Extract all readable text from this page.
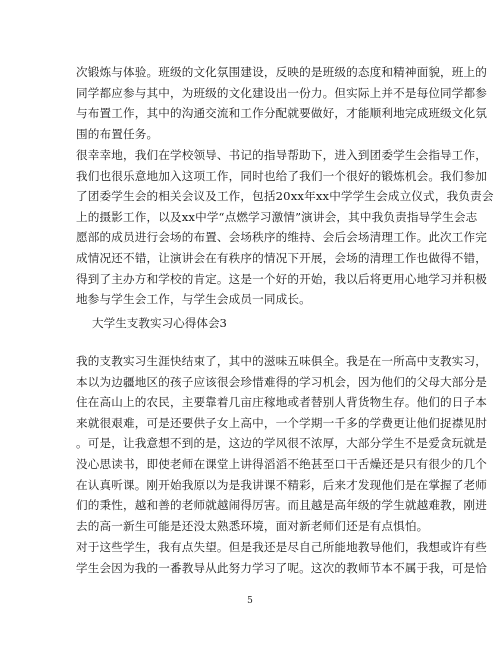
次锻炼与体验。班级的文化氛围建设，反映的是班级的态度和精神面貌，班上的
同学都应参与其中，为班级的文化建设出一份力。但实际上并不是每位同学都参
与布置工作，其中的沟通交流和工作分配就要做好，才能顺利地完成班级文化氛
围的布置任务。

很幸幸地，我们在学校领导、书记的指导帮助下，进入到团委学生会指导工作，
我们也很乐意地加入这项工作，同时也给了我们一个很好的锻炼机会。我们参加
了团委学生会的相关会议及工作，包括20xx年xx中学学生会成立仪式，我负责会
上的摄影工作，以及xx中学“点燃学习激情”演讲会，其中我负责指导学生会志
愿部的成员进行会场的布置、会场秩序的维持、会后会场清理工作。此次工作完
成情况还不错，让演讲会在有秩序的情况下开展，会场的清理工作也做得不错，
得到了主办方和学校的肯定。这是一个好的开始，我以后将更用心地学习并积极
地参与学生会工作，与学生会成员一同成长。

大学生支教实习心得体会3

我的支教实习生涯快结束了，其中的滋味五味俱全。我是在一所高中支教实习，
本以为边疆地区的孩子应该很会珍惜难得的学习机会，因为他们的父母大部分是
住在高山上的农民，主要靠着几亩庄稼地或者替别人背货物生存。他们的日子本
来就很艰难，可是还要供子女上高中，一个学期一千多的学费更让他们捉襟见肘
。可是，让我意想不到的是，这边的学风很不浓厚，大部分学生不是爱贪玩就是
没心思读书，即使老师在课堂上讲得滔滔不绝甚至口干舌燥还是只有很少的几个
在认真听课。刚开始我原以为是我讲课不精彩，后来才发现他们是在掌握了老师
们的秉性，越和善的老师就越闹得厉害。而且越是高年级的学生就越难教，刚进
去的高一新生可能是还没太熟悉环境，面对新老师们还是有点惧怕。

对于这些学生，我有点失望。但是我还是尽自己所能地教导他们，我想或许有些
学生会因为我的一番教导从此努力学习了呢。这次的教师节本不属于我，可是恰

5
